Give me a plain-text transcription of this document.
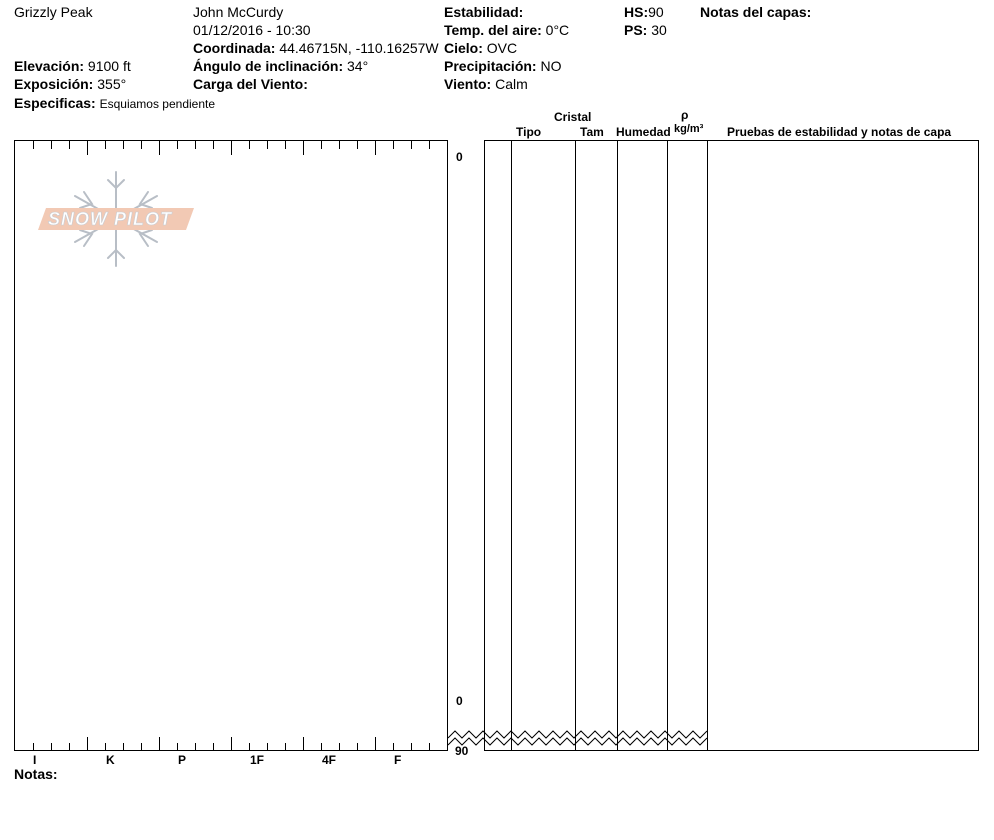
Grizzly Peak	John McCurdy
01/12/2016 - 10:30
Coordinada: 44.46715N, -110.16257W
Elevación: 9100 ft
Exposición: 355°
Especificas: Esquiamos pendiente
Ángulo de inclinación: 34°
Carga del Viento:
Estabilidad:
Temp. del aire: 0°C
Cielo: OVC
Precipitación: NO
Viento: Calm
HS:90
PS: 30
Notas del capas:
SNOW PILOT
0
0
90
I	K	P	1F	4F	F
Cristal
Tipo	Tam Humedad
ρ
kg/m³ Pruebas de estabilidad y notas de capa
Notas:
